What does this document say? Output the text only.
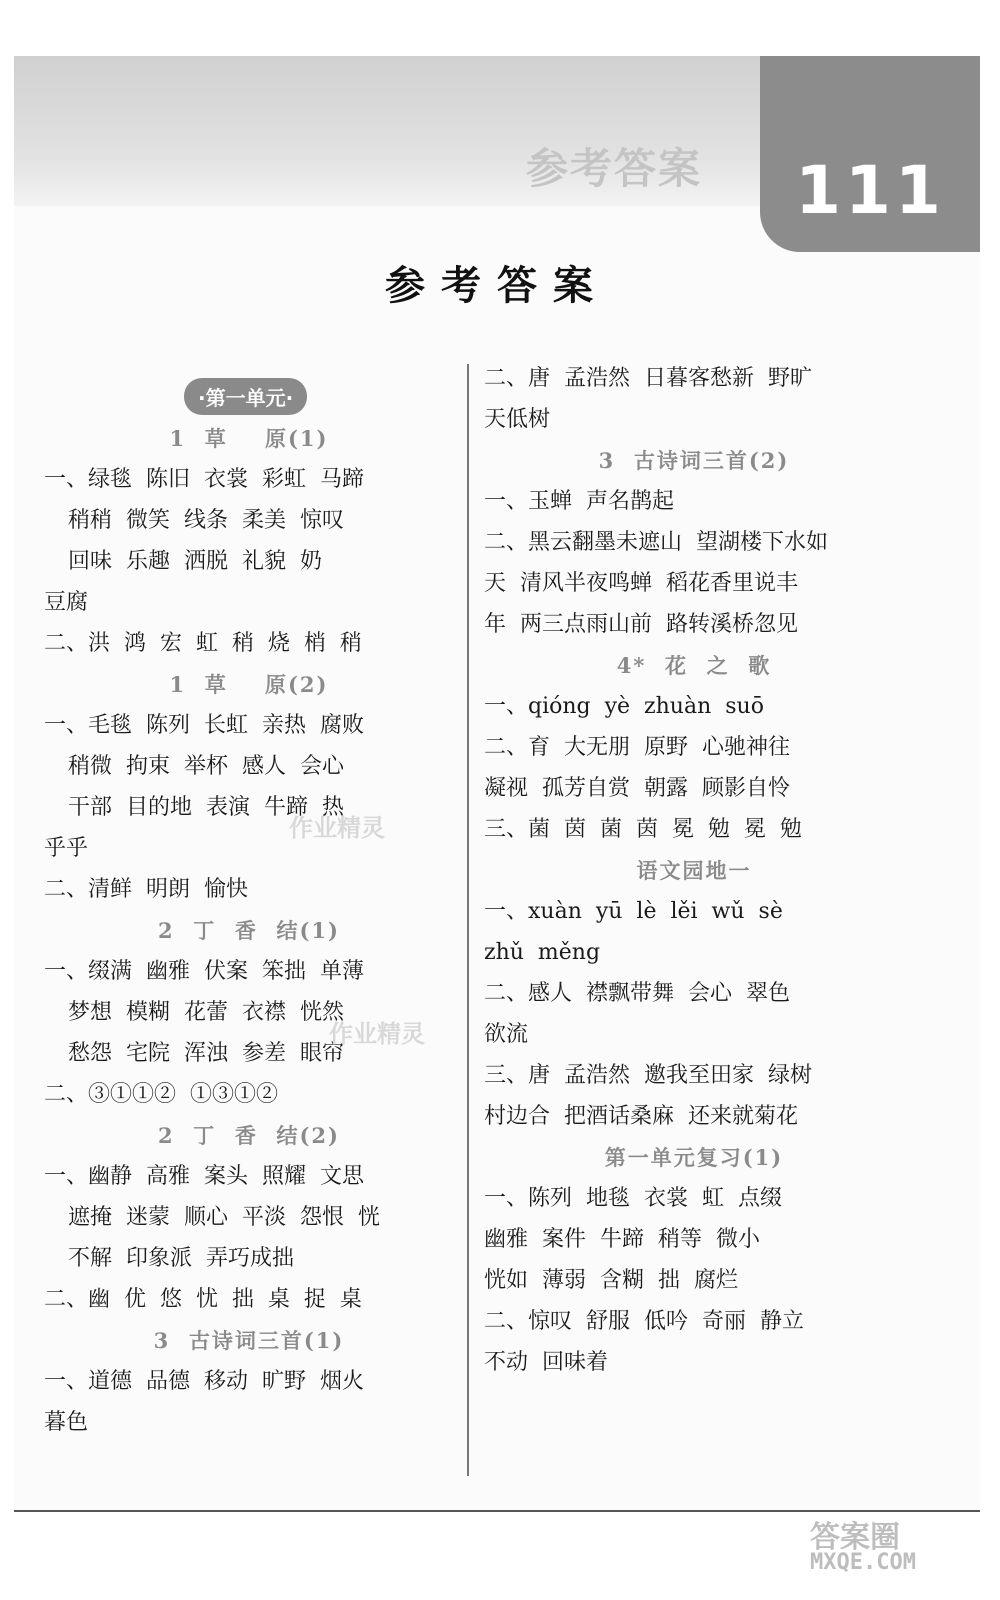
参考答案	111
参考答案
·第一单元·
1  草    原(1)
一、绿毯  陈旧  衣裳  彩虹  马蹄
稍稍  微笑  线条  柔美  惊叹
回味  乐趣  洒脱  礼貌  奶
豆腐
二、洪  鸿  宏  虹  稍  烧  梢  稍
1  草    原(2)
一、毛毯  陈列  长虹  亲热  腐败
稍微  拘束  举杯  感人  会心
干部  目的地  表演  牛蹄  热
乎乎
二、清鲜  明朗  愉快
2  丁  香  结(1)
一、缀满  幽雅  伏案  笨拙  单薄
梦想  模糊  花蕾  衣襟  恍然
愁怨  宅院  浑浊  参差  眼帘
二、③①①②  ①③①②
2  丁  香  结(2)
一、幽静  高雅  案头  照耀  文思
遮掩  迷蒙  顺心  平淡  怨恨  恍
不解  印象派  弄巧成拙
二、幽  优  悠  忧  拙  桌  捉  桌
3  古诗词三首(1)
一、道德  品德  移动  旷野  烟火
暮色
二、唐  孟浩然  日暮客愁新  野旷
天低树
3  古诗词三首(2)
一、玉蝉  声名鹊起
二、黑云翻墨未遮山  望湖楼下水如
天  清风半夜鸣蝉  稻花香里说丰
年  两三点雨山前  路转溪桥忽见
4*  花  之  歌
一、qióng  yè  zhuàn  suō
二、育  大无朋  原野  心驰神往
凝视  孤芳自赏  朝露  顾影自怜
三、菌  茵  菌  茵  冕  勉  冕  勉
语文园地一
一、xuàn  yū  lè  lěi  wǔ  sè
zhǔ  měng
二、感人  襟飘带舞  会心  翠色
欲流
三、唐  孟浩然  邀我至田家  绿树
村边合  把酒话桑麻  还来就菊花
第一单元复习(1)
一、陈列  地毯  衣裳  虹  点缀
幽雅  案件  牛蹄  稍等  微小
恍如  薄弱  含糊  拙  腐烂
二、惊叹  舒服  低吟  奇丽  静立
不动  回味着
作业精灵
作业精灵
答案圈
MXQE.COM
